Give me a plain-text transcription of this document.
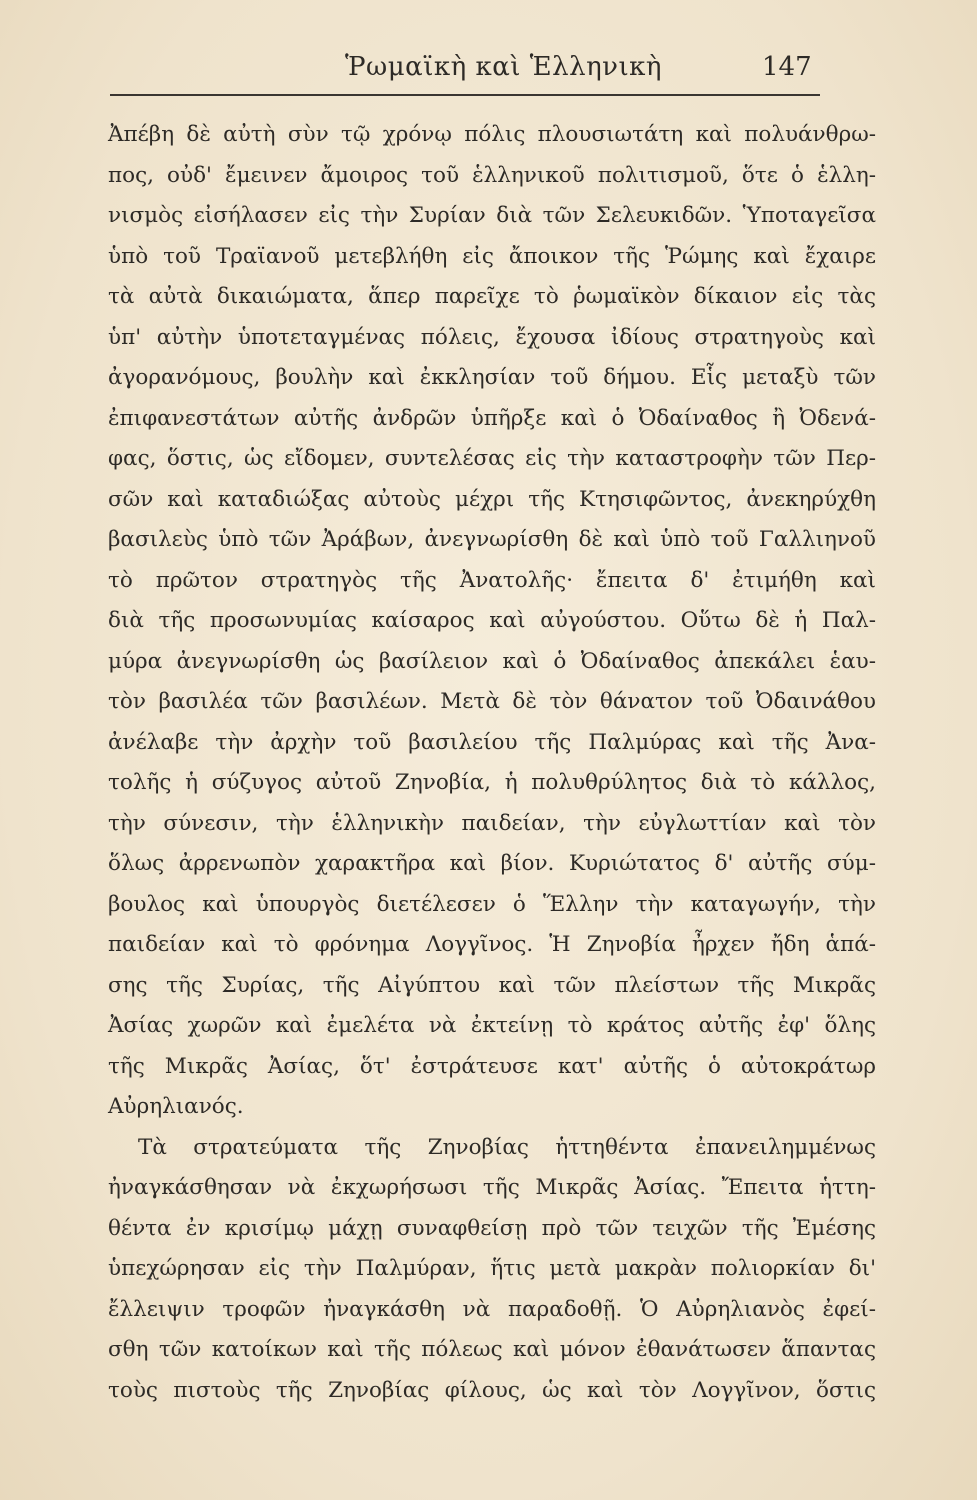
Ῥωμαϊκὴ καὶ Ἑλληνικὴ	147
Ἀπέβη δὲ αὐτὴ σὺν τῷ χρόνῳ πόλις πλουσιωτάτη καὶ πολυάνθρω-
πος, οὐδ' ἔμεινεν ἄμοιρος τοῦ ἑλληνικοῦ πολιτισμοῦ, ὅτε ὁ ἑλλη-
νισμὸς εἰσήλασεν εἰς τὴν Συρίαν διὰ τῶν Σελευκιδῶν. Ὑποταγεῖσα
ὑπὸ τοῦ Τραϊανοῦ μετεβλήθη εἰς ἄποικον τῆς Ῥώμης καὶ ἔχαιρε
τὰ αὐτὰ δικαιώματα, ἅπερ παρεῖχε τὸ ῥωμαϊκὸν δίκαιον εἰς τὰς
ὑπ' αὐτὴν ὑποτεταγμένας πόλεις, ἔχουσα ἰδίους στρατηγοὺς καὶ
ἀγορανόμους, βουλὴν καὶ ἐκκλησίαν τοῦ δήμου. Εἷς μεταξὺ τῶν
ἐπιφανεστάτων αὐτῆς ἀνδρῶν ὑπῆρξε καὶ ὁ Ὀδαίναθος ἢ Ὀδενά-
φας, ὅστις, ὡς εἴδομεν, συντελέσας εἰς τὴν καταστροφὴν τῶν Περ-
σῶν καὶ καταδιώξας αὐτοὺς μέχρι τῆς Κτησιφῶντος, ἀνεκηρύχθη
βασιλεὺς ὑπὸ τῶν Ἀράβων, ἀνεγνωρίσθη δὲ καὶ ὑπὸ τοῦ Γαλλιηνοῦ
τὸ πρῶτον στρατηγὸς τῆς Ἀνατολῆς· ἔπειτα δ' ἐτιμήθη καὶ
διὰ τῆς προσωνυμίας καίσαρος καὶ αὐγούστου. Οὕτω δὲ ἡ Παλ-
μύρα ἀνεγνωρίσθη ὡς βασίλειον καὶ ὁ Ὀδαίναθος ἀπεκάλει ἑαυ-
τὸν βασιλέα τῶν βασιλέων. Μετὰ δὲ τὸν θάνατον τοῦ Ὀδαινάθου
ἀνέλαβε τὴν ἀρχὴν τοῦ βασιλείου τῆς Παλμύρας καὶ τῆς Ἀνα-
τολῆς ἡ σύζυγος αὐτοῦ Ζηνοβία, ἡ πολυθρύλητος διὰ τὸ κάλλος,
τὴν σύνεσιν, τὴν ἑλληνικὴν παιδείαν, τὴν εὐγλωττίαν καὶ τὸν
ὅλως ἀρρενωπὸν χαρακτῆρα καὶ βίον. Κυριώτατος δ' αὐτῆς σύμ-
βουλος καὶ ὑπουργὸς διετέλεσεν ὁ Ἕλλην τὴν καταγωγήν, τὴν
παιδείαν καὶ τὸ φρόνημα Λογγῖνος. Ἡ Ζηνοβία ἦρχεν ἤδη ἁπά-
σης τῆς Συρίας, τῆς Αἰγύπτου καὶ τῶν πλείστων τῆς Μικρᾶς
Ἀσίας χωρῶν καὶ ἐμελέτα νὰ ἐκτείνῃ τὸ κράτος αὐτῆς ἐφ' ὅλης
τῆς Μικρᾶς Ἀσίας, ὅτ' ἐστράτευσε κατ' αὐτῆς ὁ αὐτοκράτωρ
Αὐρηλιανός.
Τὰ στρατεύματα τῆς Ζηνοβίας ἡττηθέντα ἐπανειλημμένως
ἠναγκάσθησαν νὰ ἐκχωρήσωσι τῆς Μικρᾶς Ἀσίας. Ἔπειτα ἡττη-
θέντα ἐν κρισίμῳ μάχῃ συναφθείσῃ πρὸ τῶν τειχῶν τῆς Ἐμέσης
ὑπεχώρησαν εἰς τὴν Παλμύραν, ἥτις μετὰ μακρὰν πολιορκίαν δι'
ἔλλειψιν τροφῶν ἠναγκάσθη νὰ παραδοθῇ. Ὁ Αὐρηλιανὸς ἐφεί-
σθη τῶν κατοίκων καὶ τῆς πόλεως καὶ μόνον ἐθανάτωσεν ἅπαντας
τοὺς πιστοὺς τῆς Ζηνοβίας φίλους, ὡς καὶ τὸν Λογγῖνον, ὅστις
